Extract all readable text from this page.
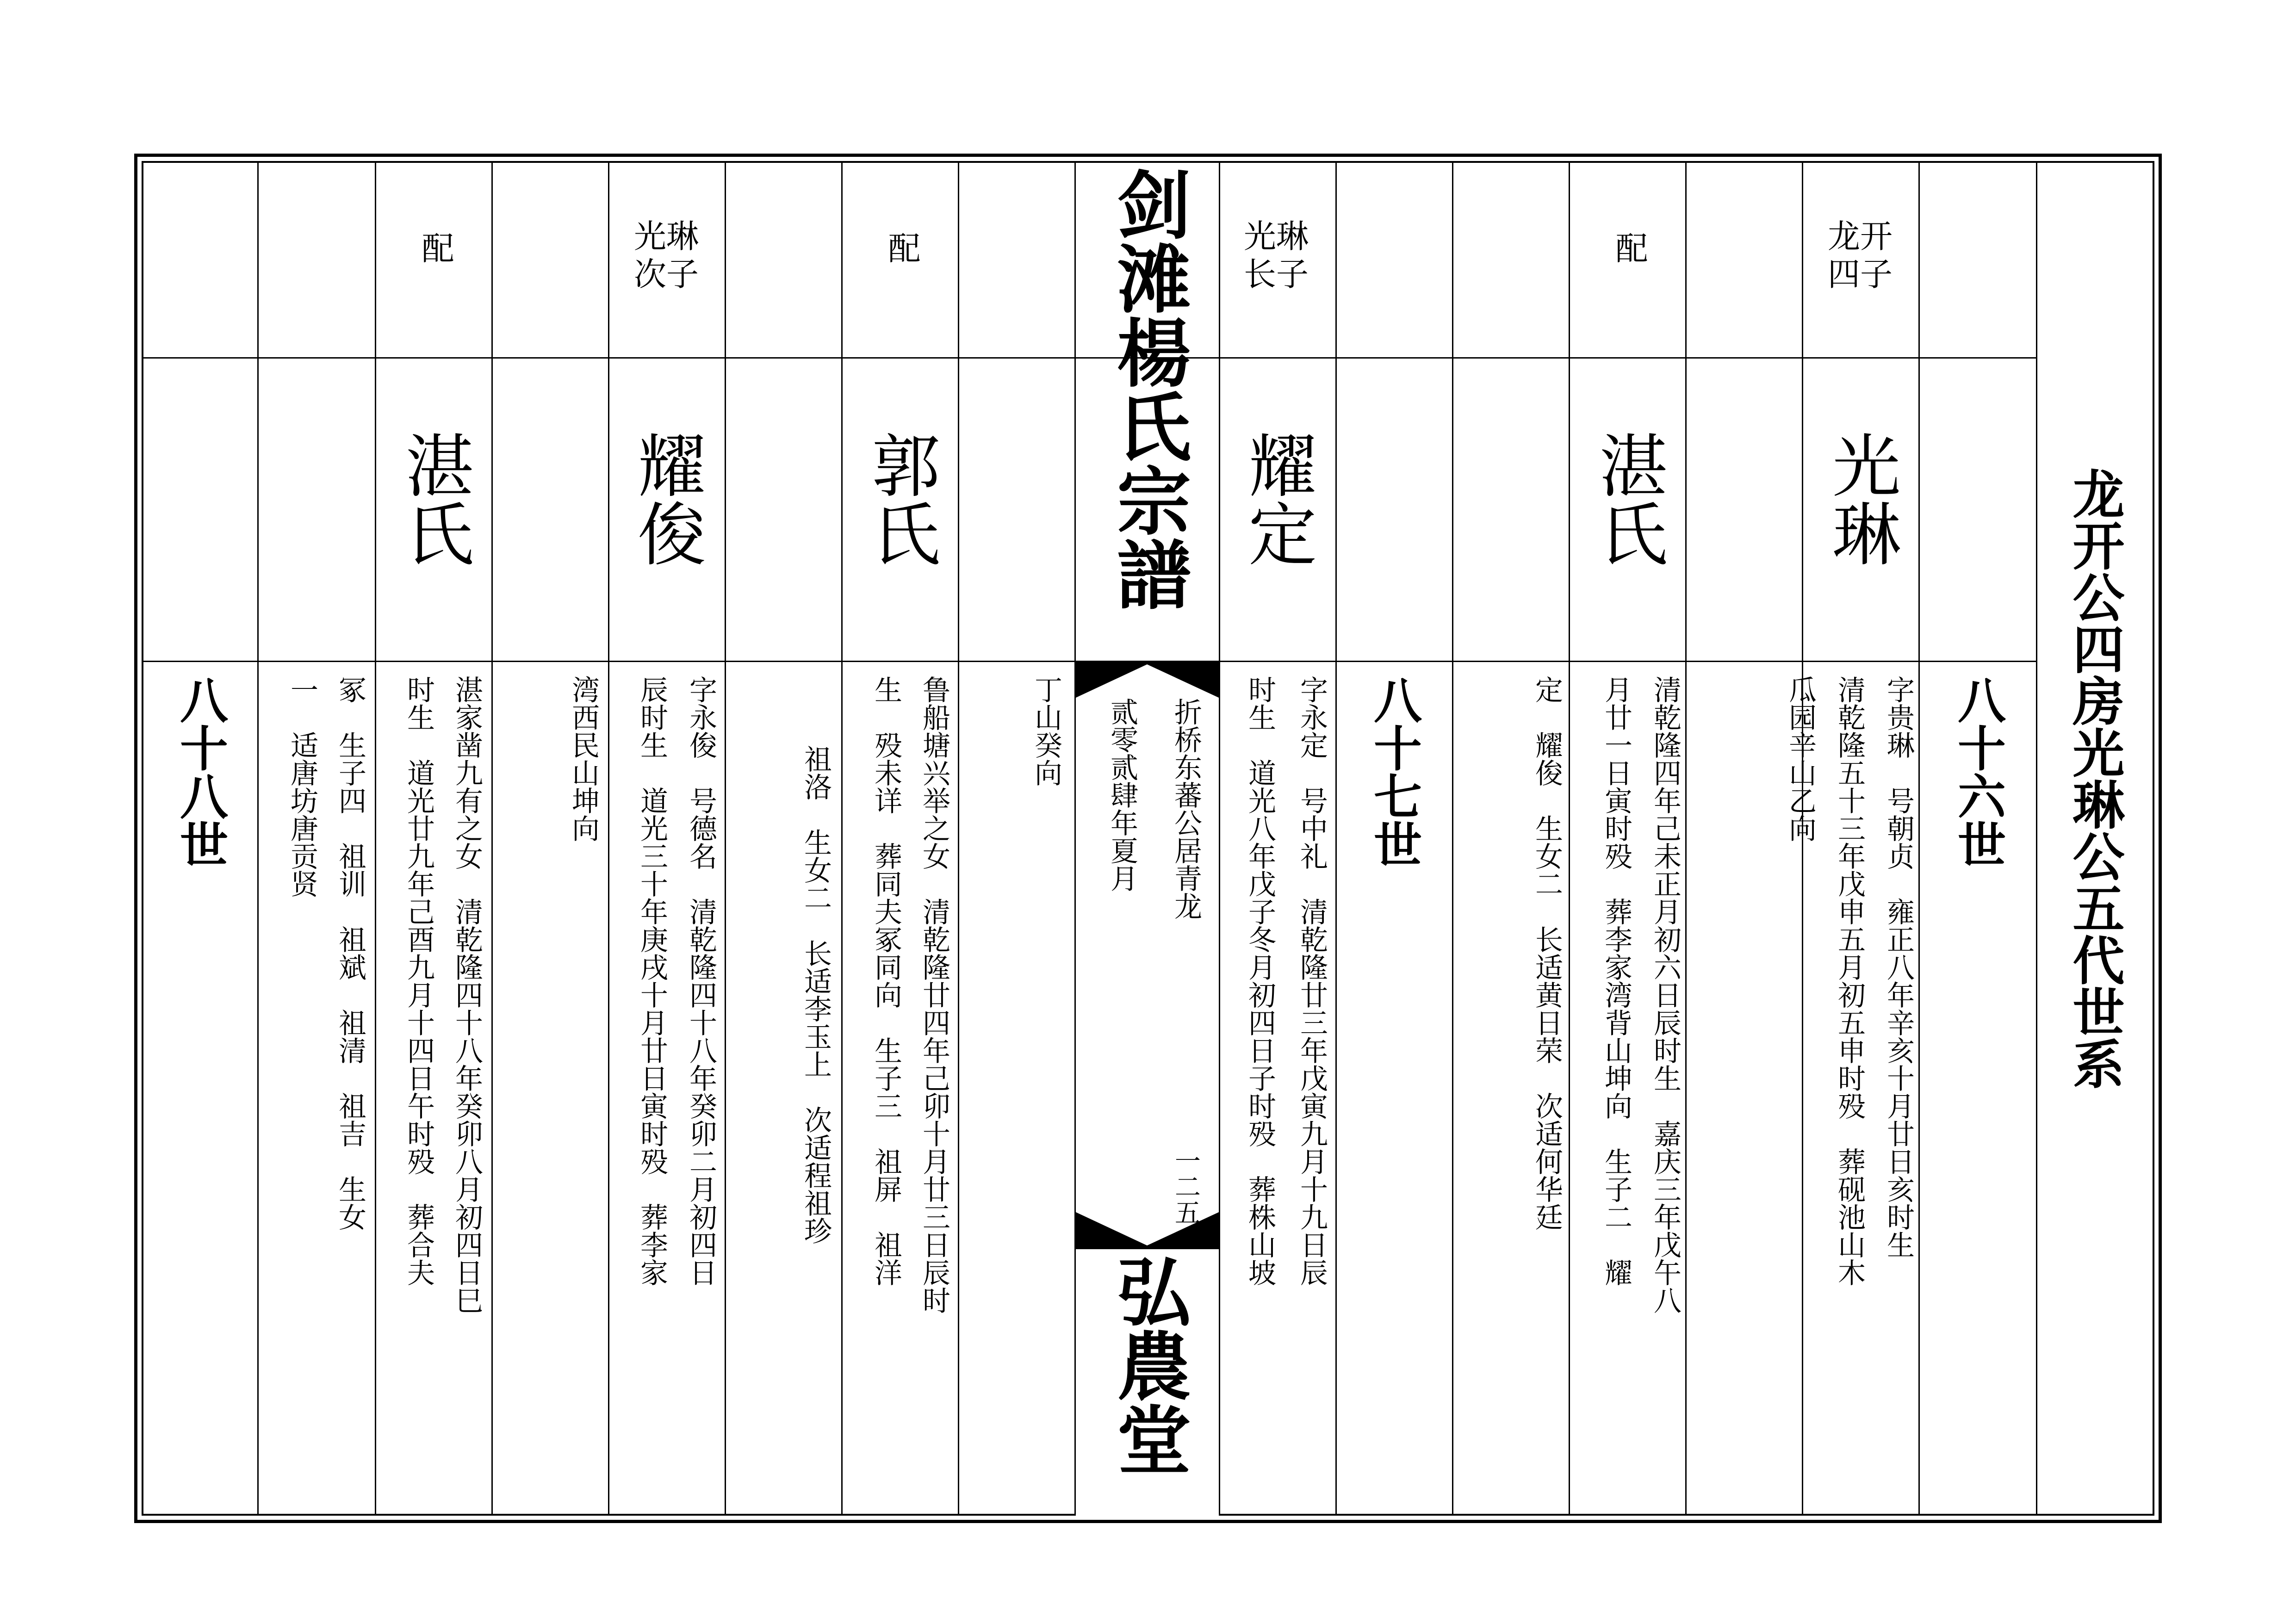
剑滩楊氏宗譜
折桥东蕃公居青龙
贰零贰肆年夏月
一二五
弘農堂
龙开公四房光琳公五代世系
八十六世
八十七世
八十八世
龙开四子
光琳
字贵琳　号朝贞　雍正八年辛亥十月廿日亥时生
清乾隆五十三年戊申五月初五申时殁　葬砚池山木
瓜园辛山乙向
配
湛氏
清乾隆四年己未正月初六日辰时生　嘉庆三年戊午八
月廿一日寅时殁　葬李家湾背山坤向　生子二　耀
定　耀俊　生女二　长适黄日荣　次适何华廷
光琳长子
耀定
字永定　号中礼　清乾隆廿三年戊寅九月十九日辰
时生　道光八年戊子冬月初四日子时殁　葬株山坡
配
郭氏
丁山癸向
鲁船塘兴举之女　清乾隆廿四年己卯十月廿三日辰时
生　殁未详　葬同夫冢同向　生子三　祖屏　祖洋
祖洛　生女二　长适李玉上　次适程祖珍
光琳次子
耀俊
字永俊　号德名　清乾隆四十八年癸卯二月初四日
辰时生　道光三十年庚戌十月廿日寅时殁　葬李家
湾西民山坤向
配
湛氏
湛家凿九有之女　清乾隆四十八年癸卯八月初四日巳
时生　道光廿九年己酉九月十四日午时殁　葬合夫
冢　生子四　祖训　祖斌　祖清　祖吉　生女
一　适唐坊唐贡贤
